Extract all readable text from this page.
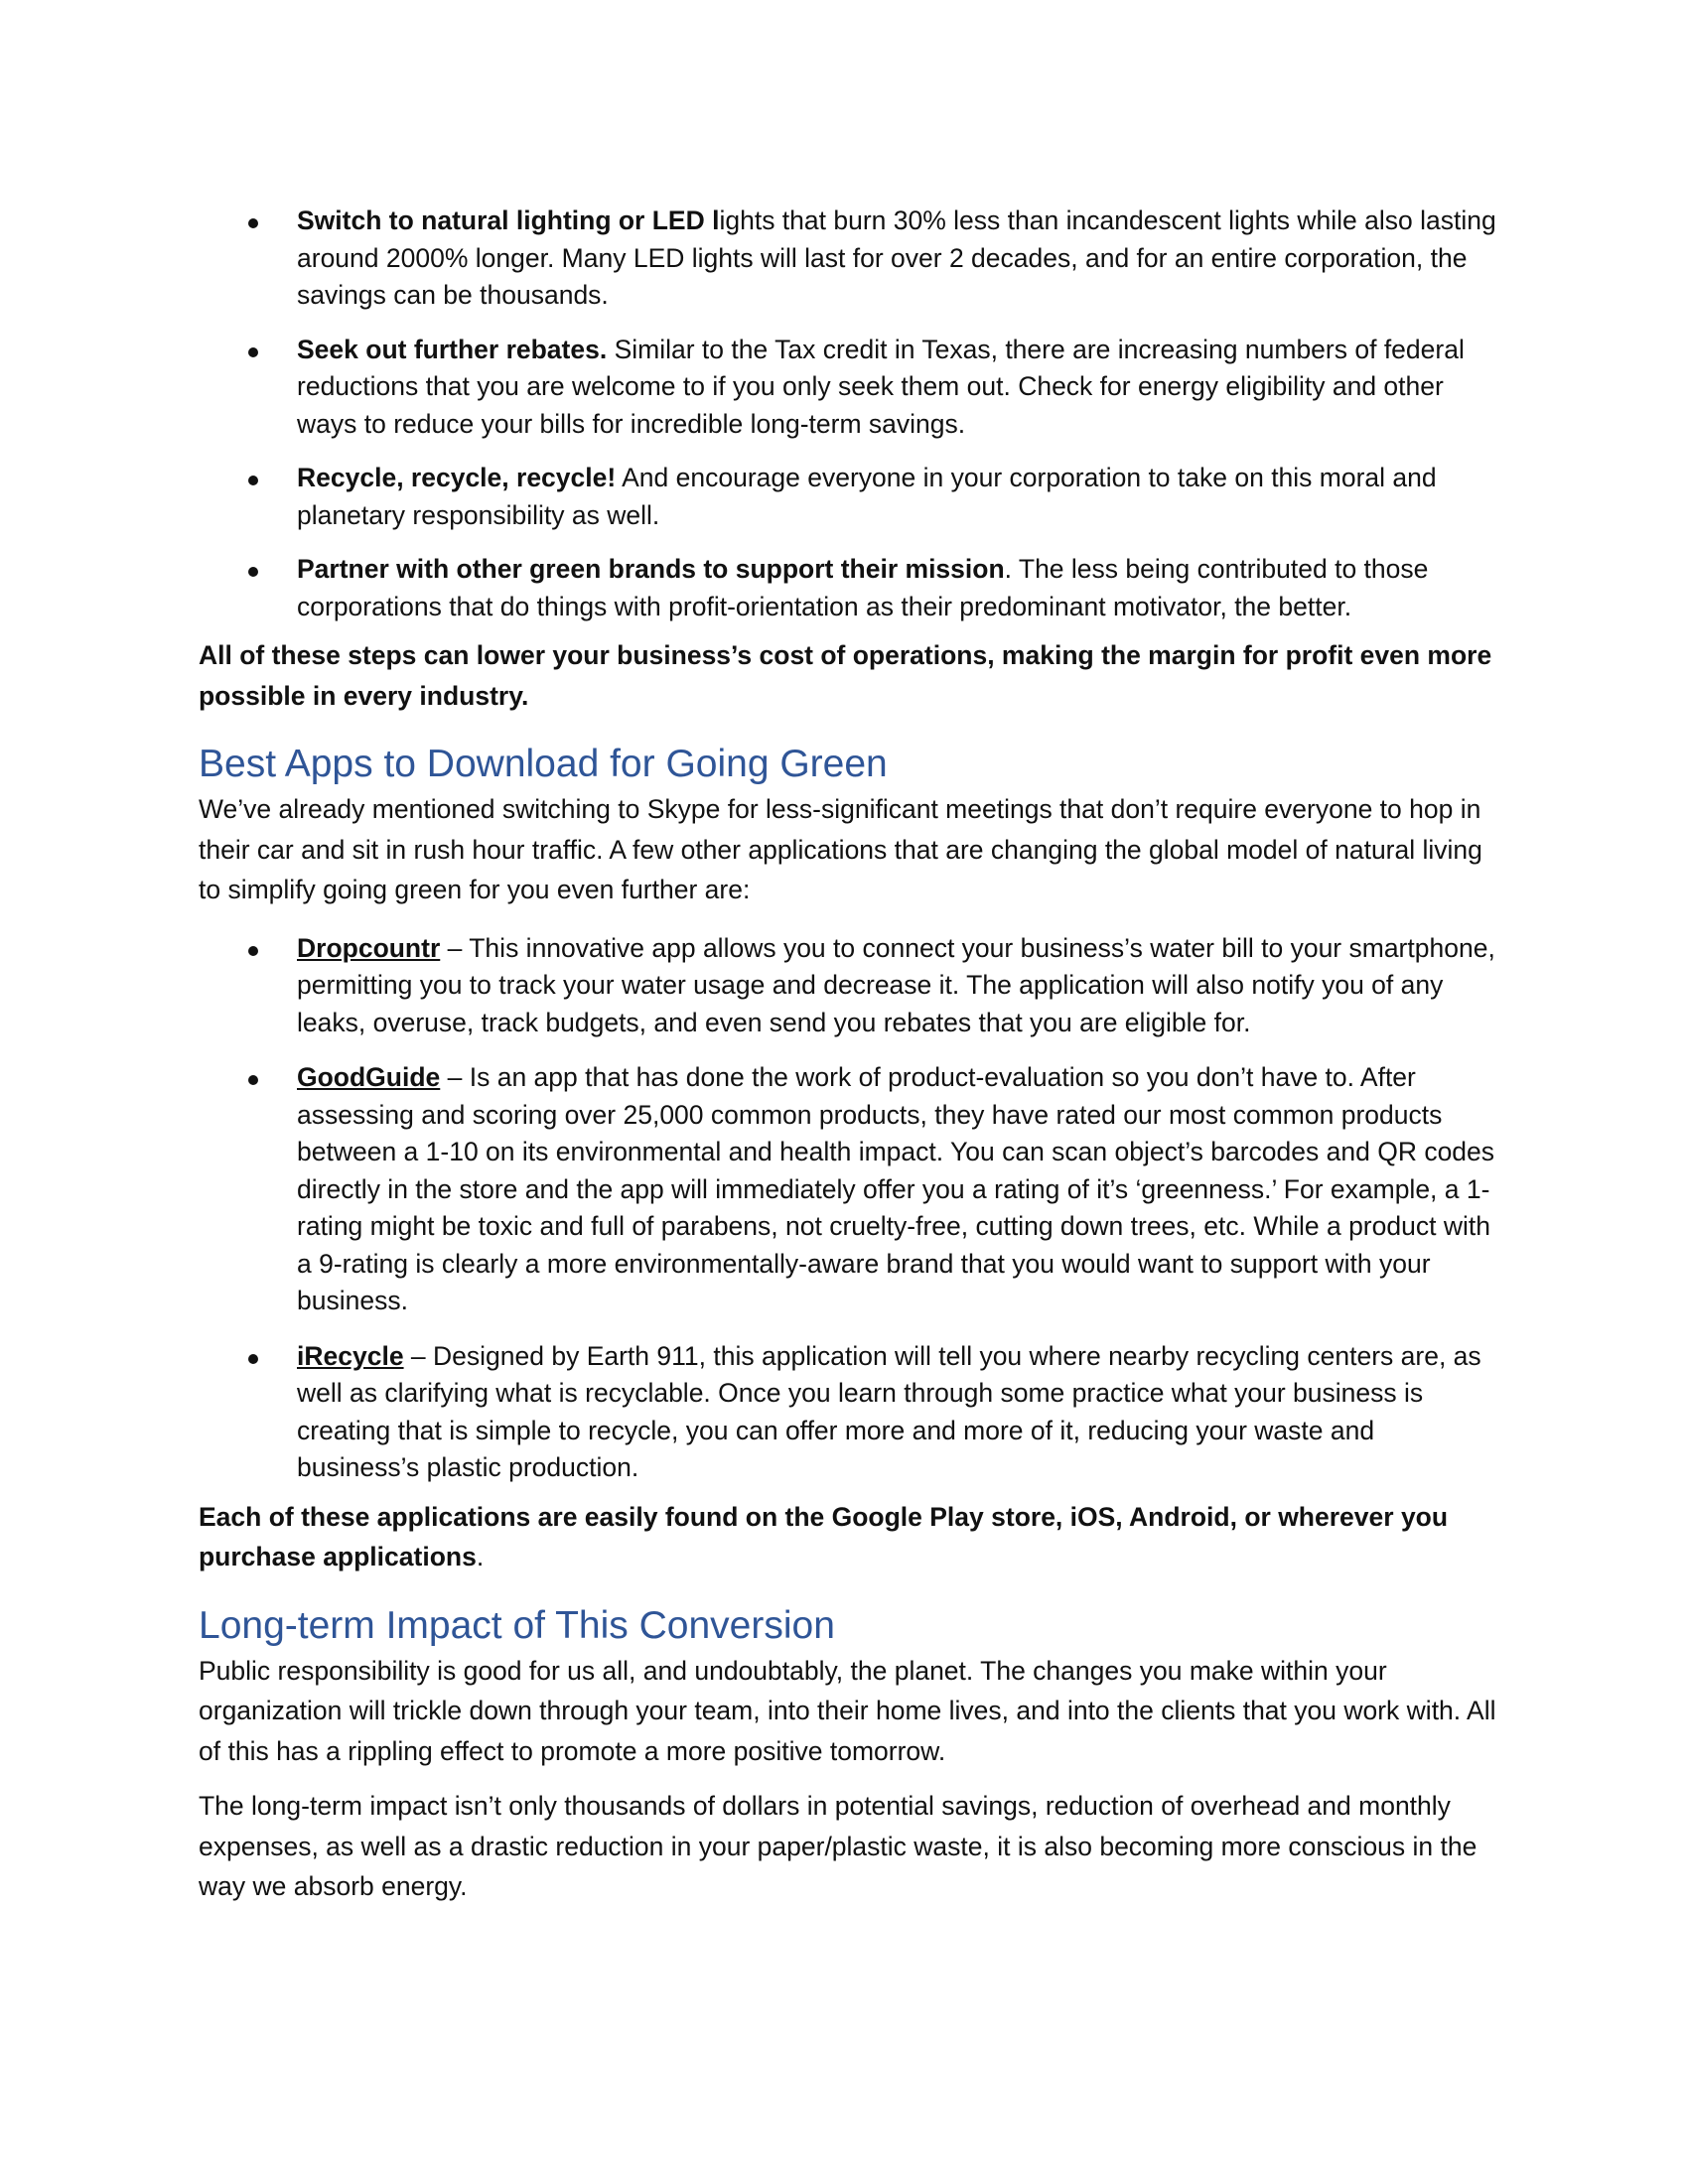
Switch to natural lighting or LED lights that burn 30% less than incandescent lights while also lasting around 2000% longer. Many LED lights will last for over 2 decades, and for an entire corporation, the savings can be thousands.
Seek out further rebates. Similar to the Tax credit in Texas, there are increasing numbers of federal reductions that you are welcome to if you only seek them out. Check for energy eligibility and other ways to reduce your bills for incredible long-term savings.
Recycle, recycle, recycle! And encourage everyone in your corporation to take on this moral and planetary responsibility as well.
Partner with other green brands to support their mission. The less being contributed to those corporations that do things with profit-orientation as their predominant motivator, the better.

All of these steps can lower your business’s cost of operations, making the margin for profit even more possible in every industry.

Best Apps to Download for Going Green

We’ve already mentioned switching to Skype for less-significant meetings that don’t require everyone to hop in their car and sit in rush hour traffic. A few other applications that are changing the global model of natural living to simplify going green for you even further are:

Dropcountr – This innovative app allows you to connect your business’s water bill to your smartphone, permitting you to track your water usage and decrease it. The application will also notify you of any leaks, overuse, track budgets, and even send you rebates that you are eligible for.
GoodGuide – Is an app that has done the work of product-evaluation so you don’t have to. After assessing and scoring over 25,000 common products, they have rated our most common products between a 1-10 on its environmental and health impact. You can scan object’s barcodes and QR codes directly in the store and the app will immediately offer you a rating of it’s ‘greenness.’ For example, a 1-rating might be toxic and full of parabens, not cruelty-free, cutting down trees, etc. While a product with a 9-rating is clearly a more environmentally-aware brand that you would want to support with your business.
iRecycle – Designed by Earth 911, this application will tell you where nearby recycling centers are, as well as clarifying what is recyclable. Once you learn through some practice what your business is creating that is simple to recycle, you can offer more and more of it, reducing your waste and business’s plastic production.

Each of these applications are easily found on the Google Play store, iOS, Android, or wherever you purchase applications.

Long-term Impact of This Conversion

Public responsibility is good for us all, and undoubtably, the planet. The changes you make within your organization will trickle down through your team, into their home lives, and into the clients that you work with. All of this has a rippling effect to promote a more positive tomorrow.

The long-term impact isn’t only thousands of dollars in potential savings, reduction of overhead and monthly expenses, as well as a drastic reduction in your paper/plastic waste, it is also becoming more conscious in the way we absorb energy.
